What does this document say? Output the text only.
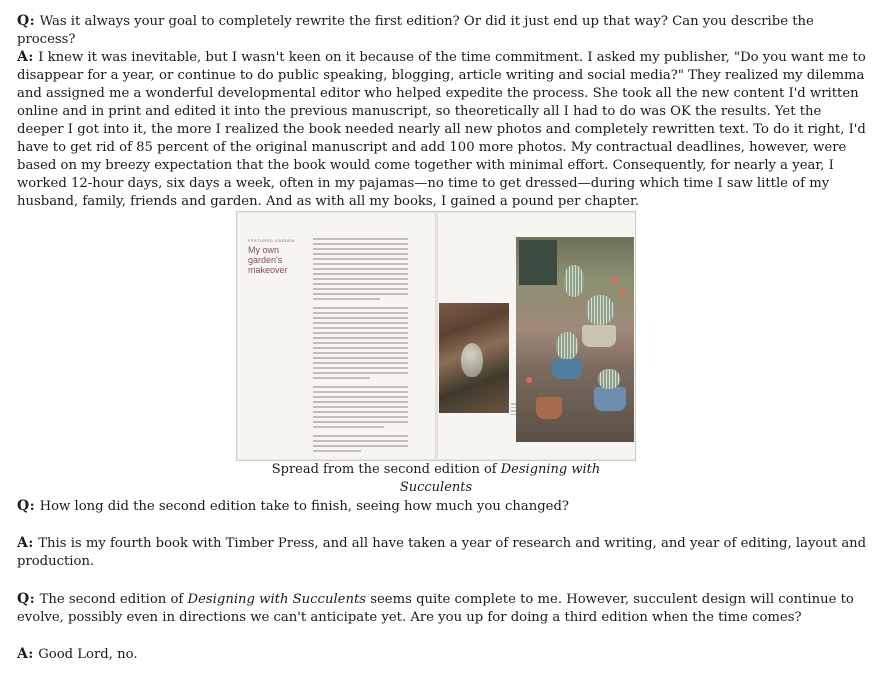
Q: Was it always your goal to completely rewrite the first edition? Or did it just end up that way? Can you describe the process?
A: I knew it was inevitable, but I wasn't keen on it because of the time commitment. I asked my publisher, "Do you want me to disappear for a year, or continue to do public speaking, blogging, article writing and social media?" They realized my dilemma and assigned me a wonderful developmental editor who helped expedite the process. She took all the new content I'd written online and in print and edited it into the previous manuscript, so theoretically all I had to do was OK the results. Yet the deeper I got into it, the more I realized the book needed nearly all new photos and completely rewritten text. To do it right, I'd have to get rid of 85 percent of the original manuscript and add 100 more photos. My contractual deadlines, however, were based on my breezy expectation that the book would come together with minimal effort. Consequently, for nearly a year, I worked 12-hour days, six days a week, often in my pajamas—no time to get dressed—during which time I saw little of my husband, family, friends and garden. And as with all my books, I gained a pound per chapter.
FEATURED GARDEN
My own garden's makeover
Spread from the second edition of Designing with Succulents
Q: How long did the second edition take to finish, seeing how much you changed?
A: This is my fourth book with Timber Press, and all have taken a year of research and writing, and year of editing, layout and production.
Q: The second edition of Designing with Succulents seems quite complete to me. However, succulent design will continue to evolve, possibly even in directions we can't anticipate yet. Are you up for doing a third edition when the time comes?
A: Good Lord, no.
